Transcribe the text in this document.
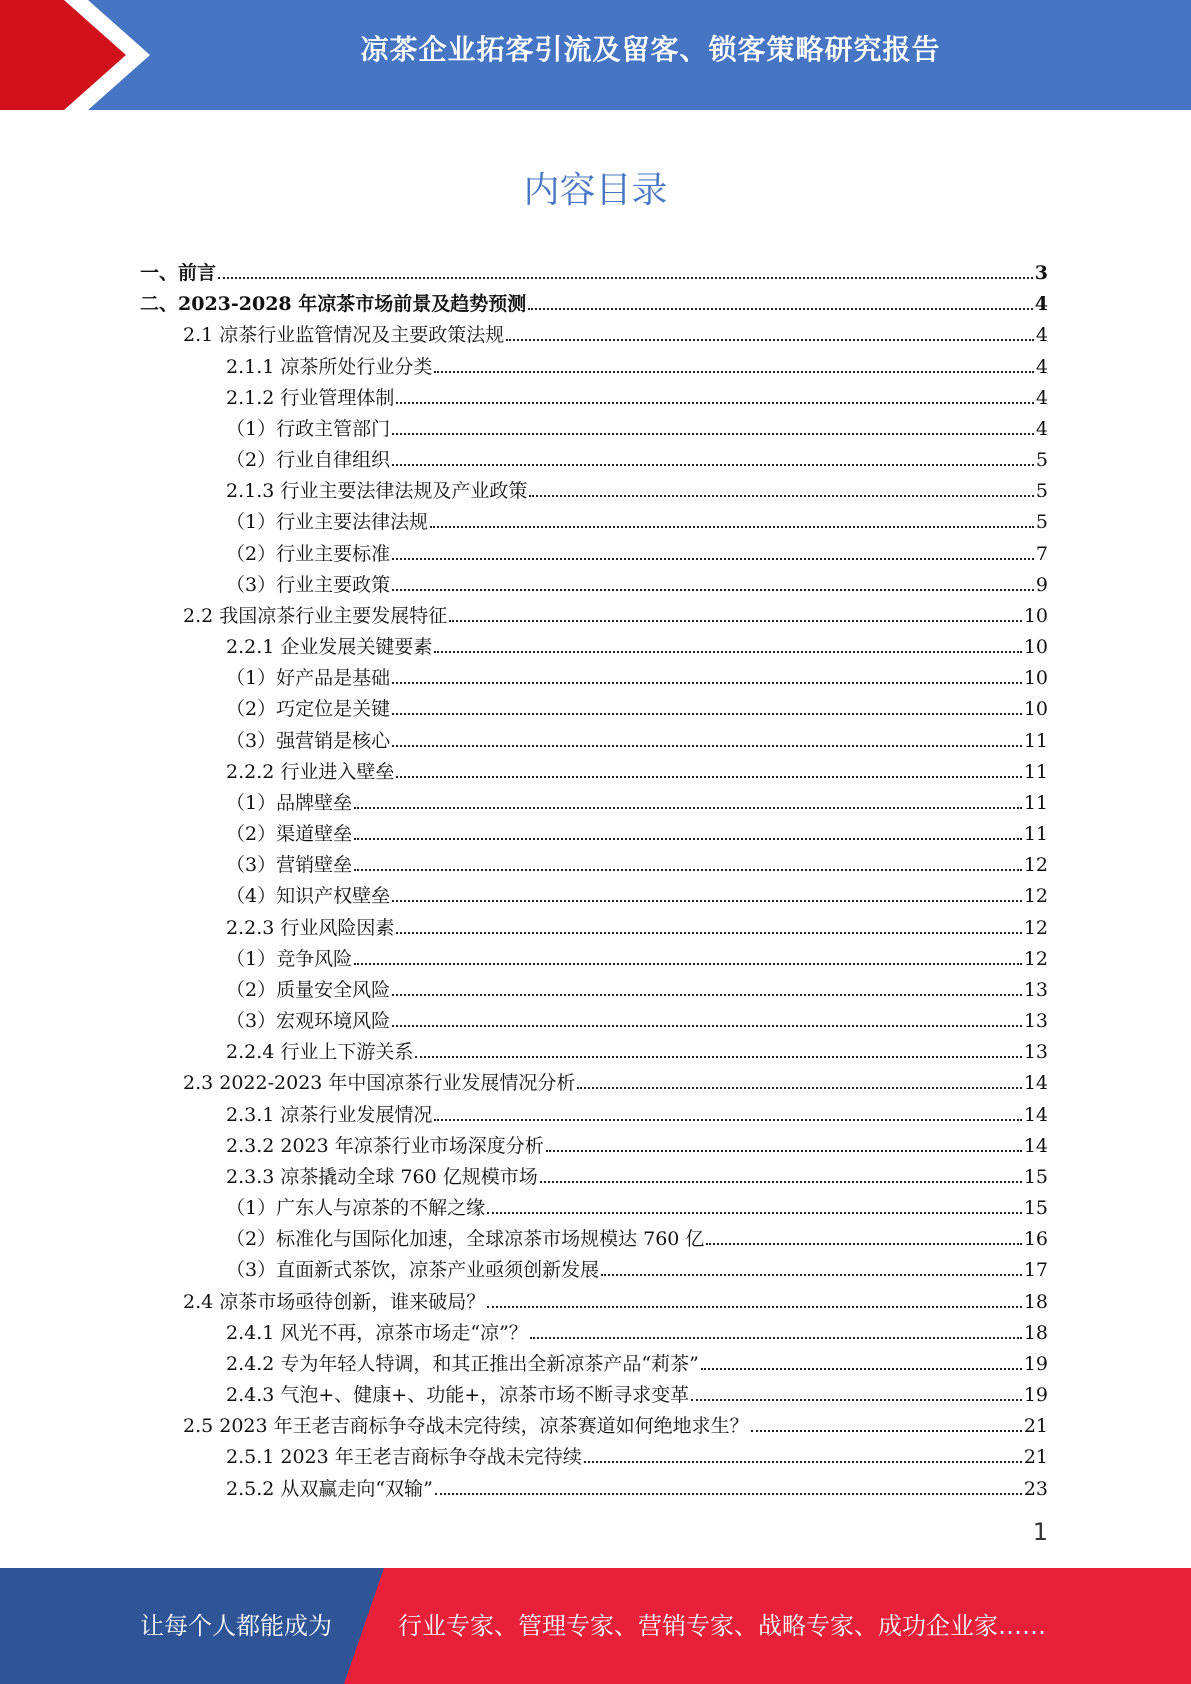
凉茶企业拓客引流及留客、锁客策略研究报告
内容目录
一、前言	3
二、2023-2028 年凉茶市场前景及趋势预测	4
2.1 凉茶行业监管情况及主要政策法规	4
2.1.1 凉茶所处行业分类	4
2.1.2 行业管理体制	4
（1）行政主管部门	4
（2）行业自律组织	5
2.1.3 行业主要法律法规及产业政策	5
（1）行业主要法律法规	5
（2）行业主要标准	7
（3）行业主要政策	9
2.2 我国凉茶行业主要发展特征	10
2.2.1 企业发展关键要素	10
（1）好产品是基础	10
（2）巧定位是关键	10
（3）强营销是核心	11
2.2.2 行业进入壁垒	11
（1）品牌壁垒	11
（2）渠道壁垒	11
（3）营销壁垒	12
（4）知识产权壁垒	12
2.2.3 行业风险因素	12
（1）竞争风险	12
（2）质量安全风险	13
（3）宏观环境风险	13
2.2.4 行业上下游关系	13
2.3 2022-2023 年中国凉茶行业发展情况分析	14
2.3.1 凉茶行业发展情况	14
2.3.2 2023 年凉茶行业市场深度分析	14
2.3.3 凉茶撬动全球 760 亿规模市场	15
（1）广东人与凉茶的不解之缘	15
（2）标准化与国际化加速，全球凉茶市场规模达 760 亿	16
（3）直面新式茶饮，凉茶产业亟须创新发展	17
2.4 凉茶市场亟待创新，谁来破局？	18
2.4.1 风光不再，凉茶市场走“凉”？	18
2.4.2 专为年轻人特调，和其正推出全新凉茶产品“莉茶”	19
2.4.3 气泡+、健康+、功能+，凉茶市场不断寻求变革	19
2.5 2023 年王老吉商标争夺战未完待续，凉茶赛道如何绝地求生？	21
2.5.1 2023 年王老吉商标争夺战未完待续	21
2.5.2 从双赢走向“双输”	23
1
让每个人都能成为	行业专家、管理专家、营销专家、战略专家、成功企业家……
